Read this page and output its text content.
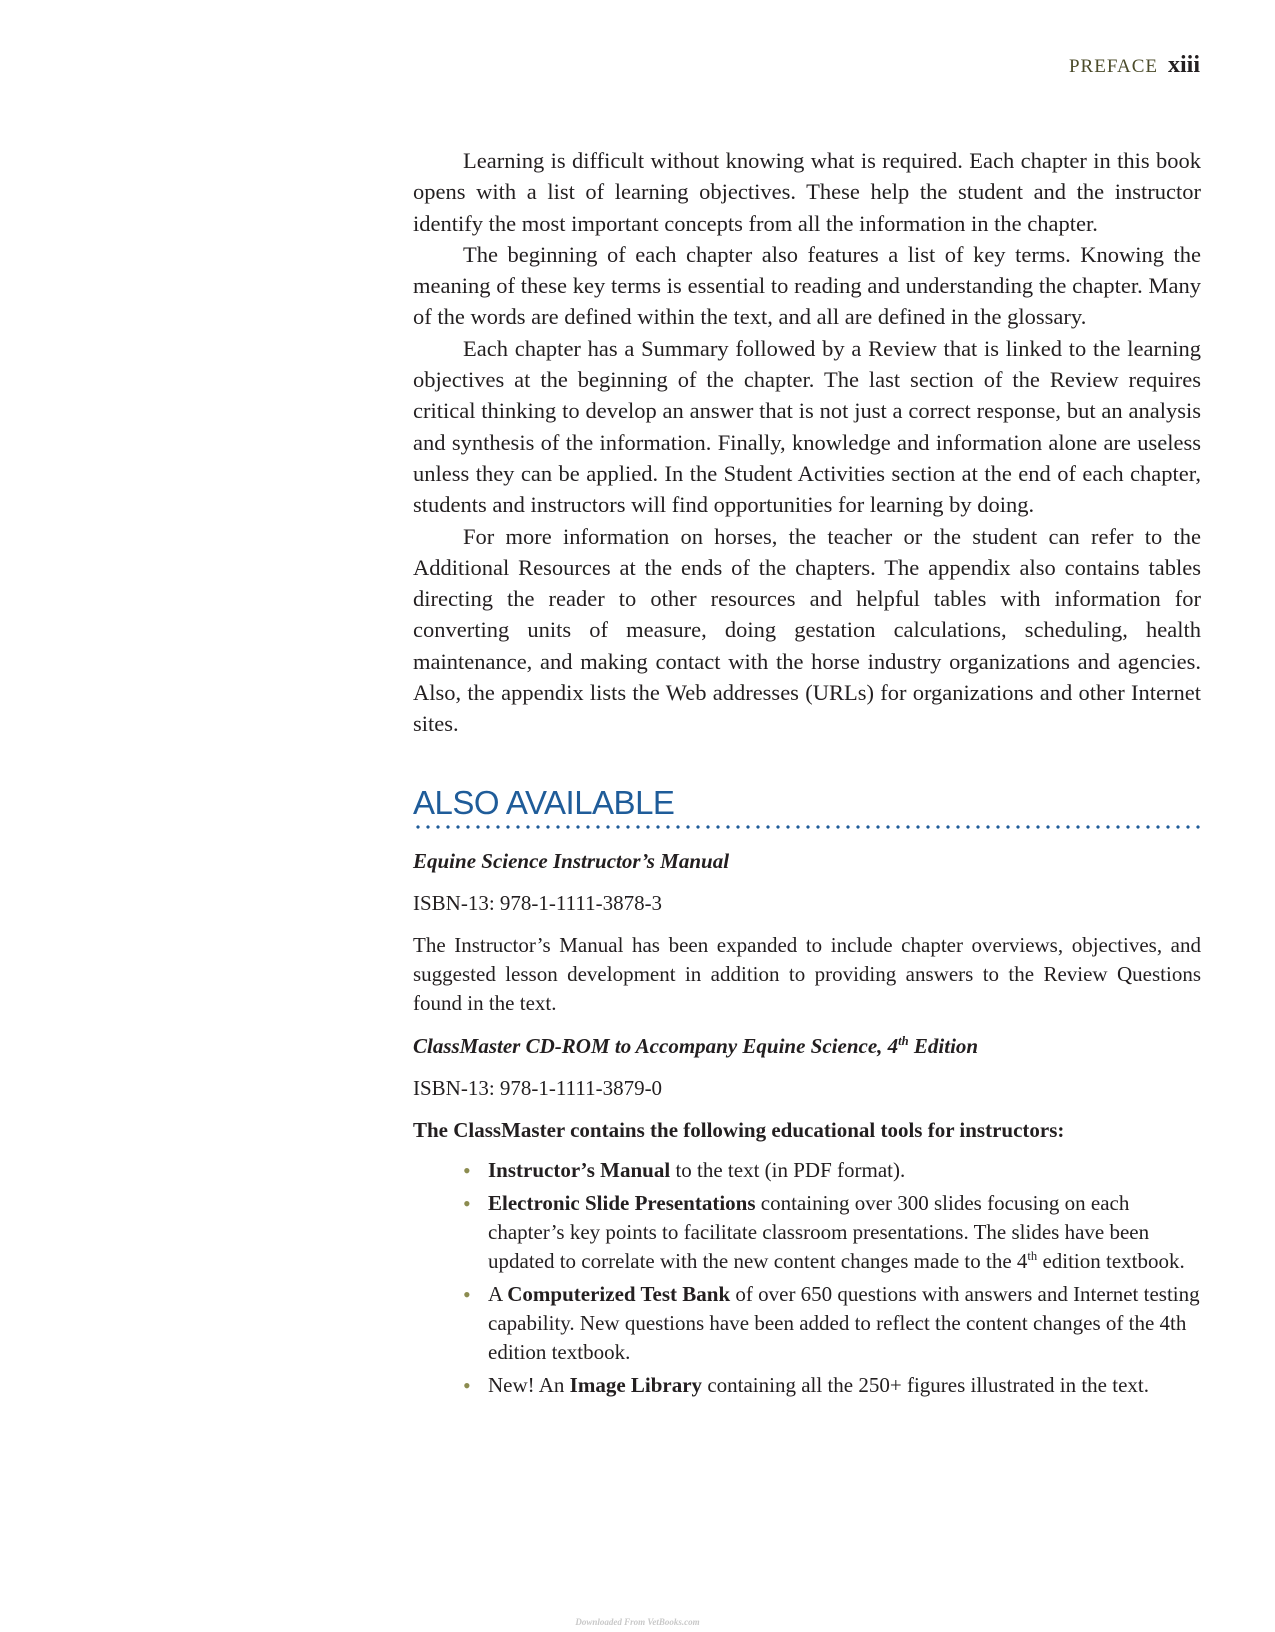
PREFACE xiii

Learning is difficult without knowing what is required. Each chapter in this book opens with a list of learning objectives. These help the student and the instructor identify the most important concepts from all the information in the chapter.

The beginning of each chapter also features a list of key terms. Knowing the meaning of these key terms is essential to reading and understanding the chapter. Many of the words are defined within the text, and all are defined in the glossary.

Each chapter has a Summary followed by a Review that is linked to the learning objectives at the beginning of the chapter. The last section of the Review requires critical thinking to develop an answer that is not just a correct response, but an analysis and synthesis of the information. Finally, knowledge and information alone are useless unless they can be applied. In the Student Activities section at the end of each chapter, students and instructors will find opportunities for learning by doing.

For more information on horses, the teacher or the student can refer to the Additional Resources at the ends of the chapters. The appendix also contains tables directing the reader to other resources and helpful tables with information for converting units of measure, doing gestation calculations, scheduling, health maintenance, and making contact with the horse industry organizations and agencies. Also, the appendix lists the Web addresses (URLs) for organizations and other Internet sites.

ALSO AVAILABLE

Equine Science Instructor’s Manual

ISBN-13: 978-1-1111-3878-3

The Instructor’s Manual has been expanded to include chapter overviews, objectives, and suggested lesson development in addition to providing answers to the Review Questions found in the text.

ClassMaster CD-ROM to Accompany Equine Science, 4th Edition

ISBN-13: 978-1-1111-3879-0

The ClassMaster contains the following educational tools for instructors:

• Instructor’s Manual to the text (in PDF format).
• Electronic Slide Presentations containing over 300 slides focusing on each chapter’s key points to facilitate classroom presentations. The slides have been updated to correlate with the new content changes made to the 4th edition textbook.
• A Computerized Test Bank of over 650 questions with answers and Internet testing capability. New questions have been added to reflect the content changes of the 4th edition textbook.
• New! An Image Library containing all the 250+ figures illustrated in the text.
Downloaded From VetBooks.com
